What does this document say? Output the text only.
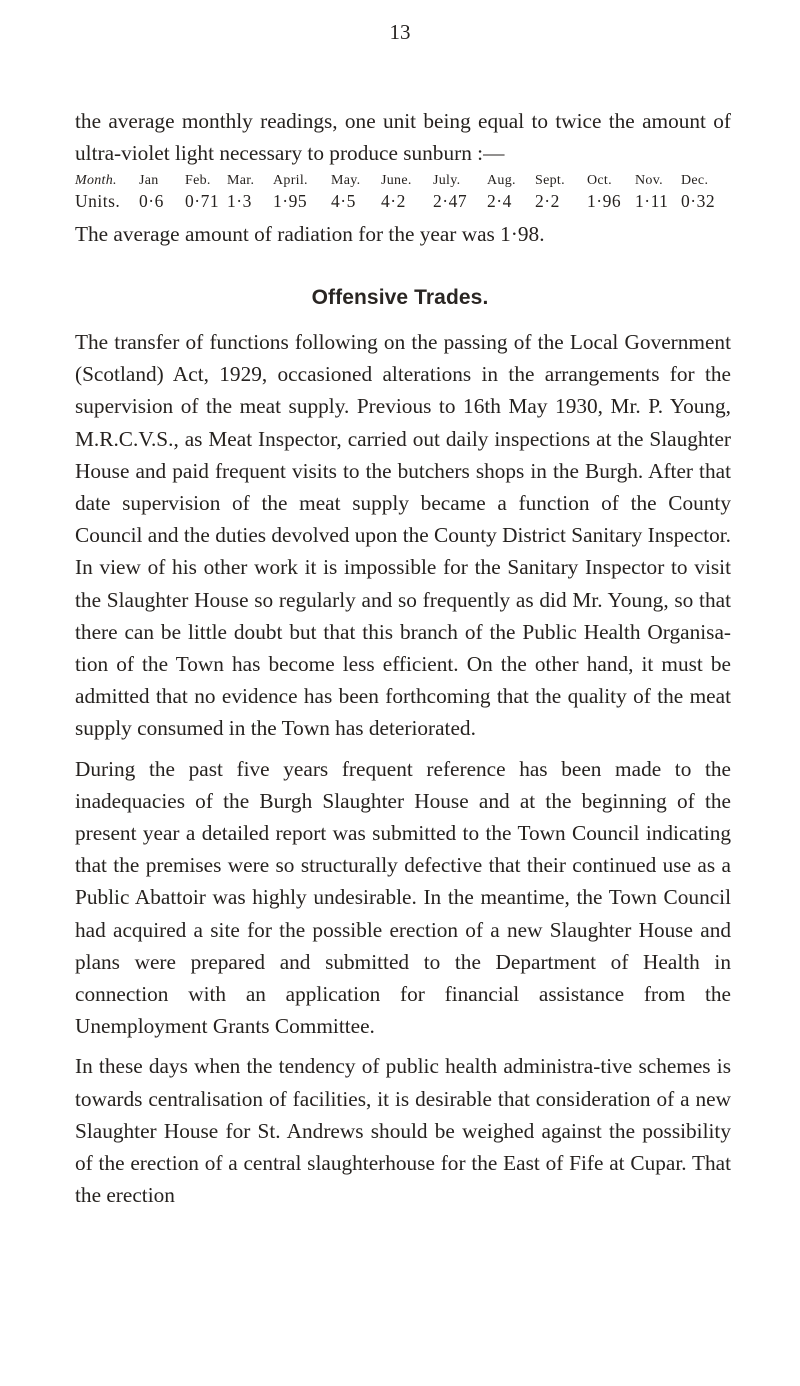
13

the average monthly readings, one unit being equal to twice the amount of ultra-violet light necessary to produce sunburn :—

Month.	Jan	Feb.	Mar.	April.	May.	June.	July.	Aug.	Sept.	Oct.	Nov.	Dec.
Units.	0·6	0·71	1·3	1·95	4·5	4·2	2·47	2·4	2·2	1·96	1·11	0·32

The average amount of radiation for the year was 1·98.

Offensive Trades.

The transfer of functions following on the passing of the Local Government (Scotland) Act, 1929, occasioned alterations in the arrangements for the supervision of the meat supply. Previous to 16th May 1930, Mr. P. Young, M.R.C.V.S., as Meat Inspector, carried out daily inspections at the Slaughter House and paid frequent visits to the butchers shops in the Burgh. After that date supervision of the meat supply became a function of the County Council and the duties devolved upon the County District Sanitary Inspector. In view of his other work it is impossible for the Sanitary Inspector to visit the Slaughter House so regularly and so frequently as did Mr. Young, so that there can be little doubt but that this branch of the Public Health Organisa-tion of the Town has become less efficient. On the other hand, it must be admitted that no evidence has been forthcoming that the quality of the meat supply consumed in the Town has deteriorated.

During the past five years frequent reference has been made to the inadequacies of the Burgh Slaughter House and at the beginning of the present year a detailed report was submitted to the Town Council indicating that the premises were so structurally defective that their continued use as a Public Abattoir was highly undesirable. In the meantime, the Town Council had acquired a site for the possible erection of a new Slaughter House and plans were prepared and submitted to the Department of Health in connection with an application for financial assistance from the Unemployment Grants Committee.

In these days when the tendency of public health administra-tive schemes is towards centralisation of facilities, it is desirable that consideration of a new Slaughter House for St. Andrews should be weighed against the possibility of the erection of a central slaughterhouse for the East of Fife at Cupar. That the erection
